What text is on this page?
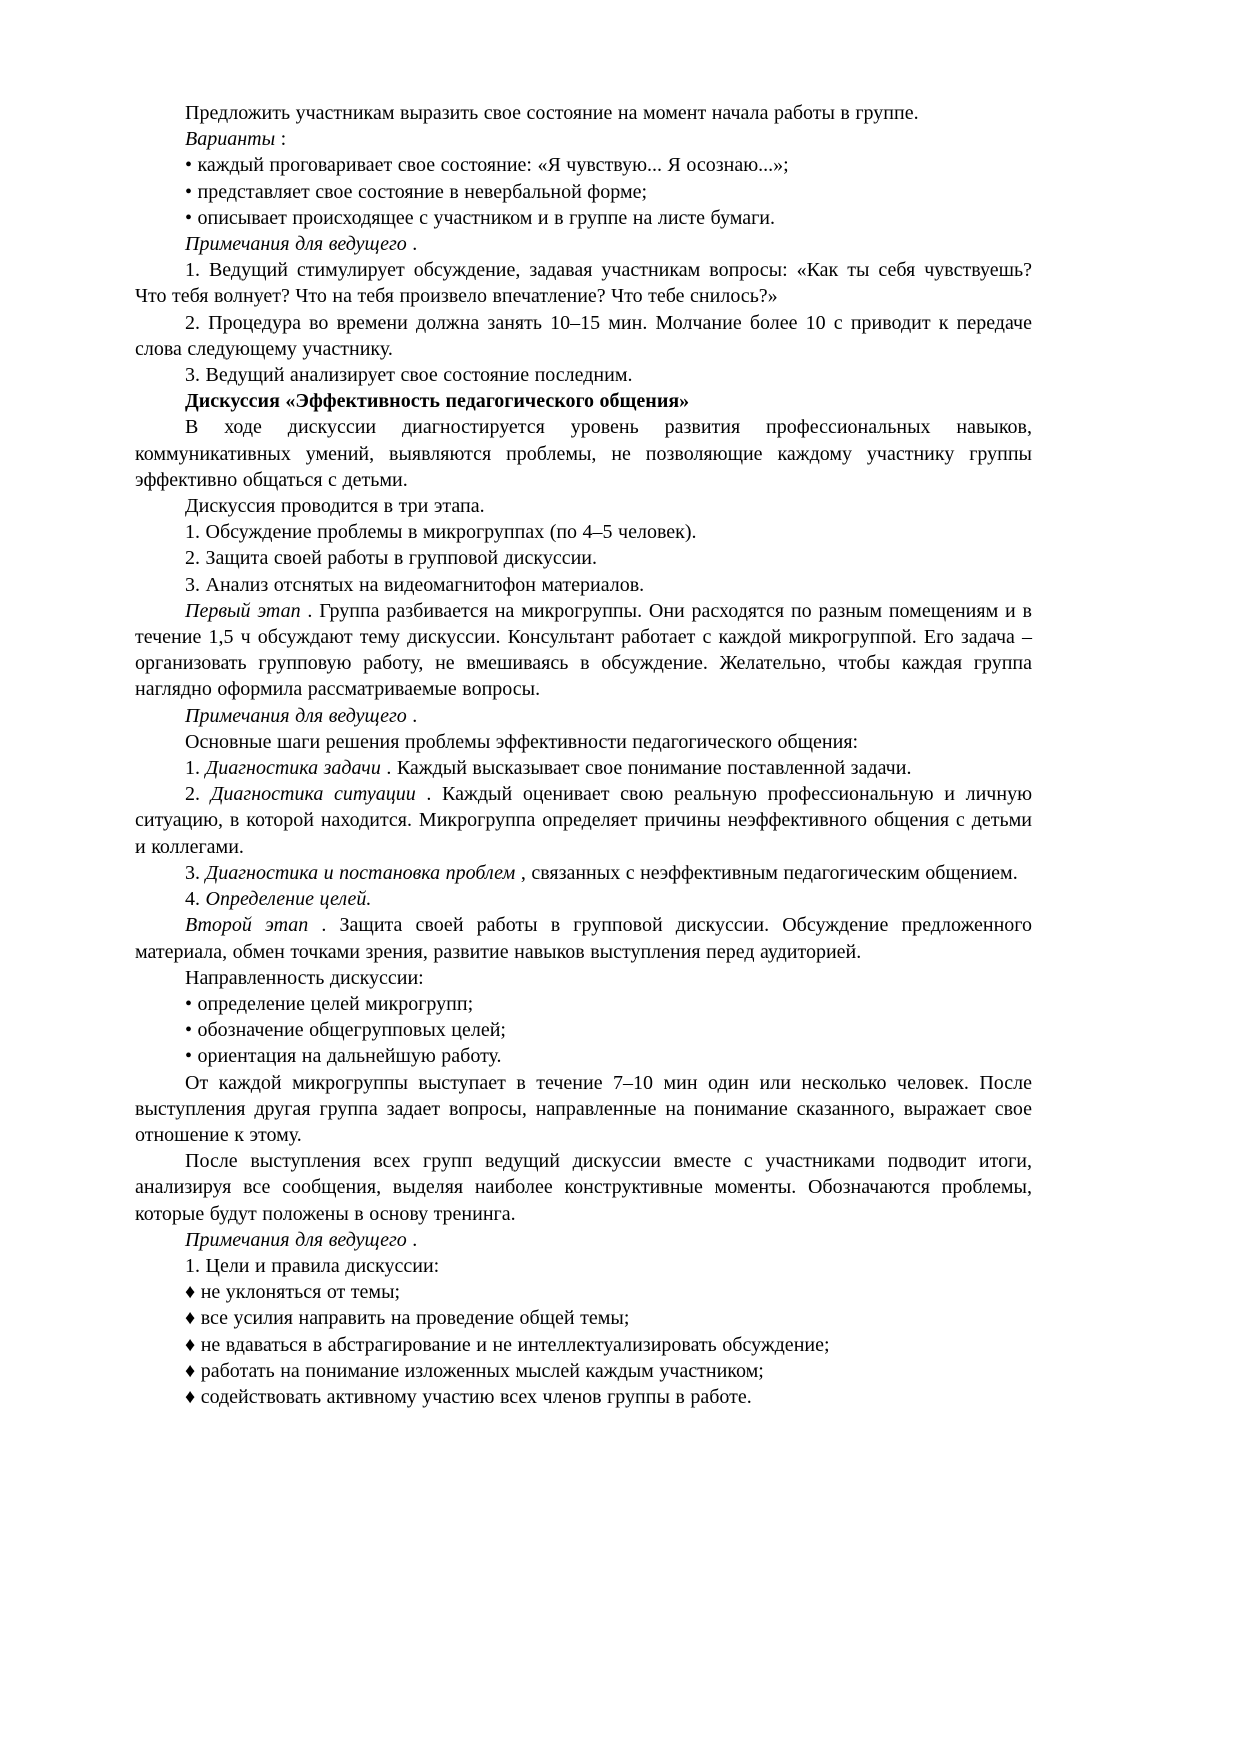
Предложить участникам выразить свое состояние на момент начала работы в группе.

Варианты :

• каждый проговаривает свое состояние: «Я чувствую... Я осознаю...»;

• представляет свое состояние в невербальной форме;

• описывает происходящее с участником и в группе на листе бумаги.

Примечания для ведущего .

1. Ведущий стимулирует обсуждение, задавая участникам вопросы: «Как ты себя чувствуешь? Что тебя волнует? Что на тебя произвело впечатление? Что тебе снилось?»

2. Процедура во времени должна занять 10–15 мин. Молчание более 10 с приводит к передаче слова следующему участнику.

3. Ведущий анализирует свое состояние последним.

Дискуссия «Эффективность педагогического общения»

В ходе дискуссии диагностируется уровень развития профессиональных навыков, коммуникативных умений, выявляются проблемы, не позволяющие каждому участнику группы эффективно общаться с детьми.

Дискуссия проводится в три этапа.

1. Обсуждение проблемы в микрогруппах (по 4–5 человек).

2. Защита своей работы в групповой дискуссии.

3. Анализ отснятых на видеомагнитофон материалов.

Первый этап . Группа разбивается на микрогруппы. Они расходятся по разным помещениям и в течение 1,5 ч обсуждают тему дискуссии. Консультант работает с каждой микрогруппой. Его задача – организовать групповую работу, не вмешиваясь в обсуждение. Желательно, чтобы каждая группа наглядно оформила рассматриваемые вопросы.

Примечания для ведущего .

Основные шаги решения проблемы эффективности педагогического общения:

1. Диагностика задачи . Каждый высказывает свое понимание поставленной задачи.

2. Диагностика ситуации . Каждый оценивает свою реальную профессиональную и личную ситуацию, в которой находится. Микрогруппа определяет причины неэффективного общения с детьми и коллегами.

3. Диагностика и постановка проблем , связанных с неэффективным педагогическим общением.

4. Определение целей.

Второй этап . Защита своей работы в групповой дискуссии. Обсуждение предложенного материала, обмен точками зрения, развитие навыков выступления перед аудиторией.

Направленность дискуссии:

• определение целей микрогрупп;

• обозначение общегрупповых целей;

• ориентация на дальнейшую работу.

От каждой микрогруппы выступает в течение 7–10 мин один или несколько человек. После выступления другая группа задает вопросы, направленные на понимание сказанного, выражает свое отношение к этому.

После выступления всех групп ведущий дискуссии вместе с участниками подводит итоги, анализируя все сообщения, выделяя наиболее конструктивные моменты. Обозначаются проблемы, которые будут положены в основу тренинга.

Примечания для ведущего .

1. Цели и правила дискуссии:

♦ не уклоняться от темы;

♦ все усилия направить на проведение общей темы;

♦ не вдаваться в абстрагирование и не интеллектуализировать обсуждение;

♦ работать на понимание изложенных мыслей каждым участником;

♦ содействовать активному участию всех членов группы в работе.
